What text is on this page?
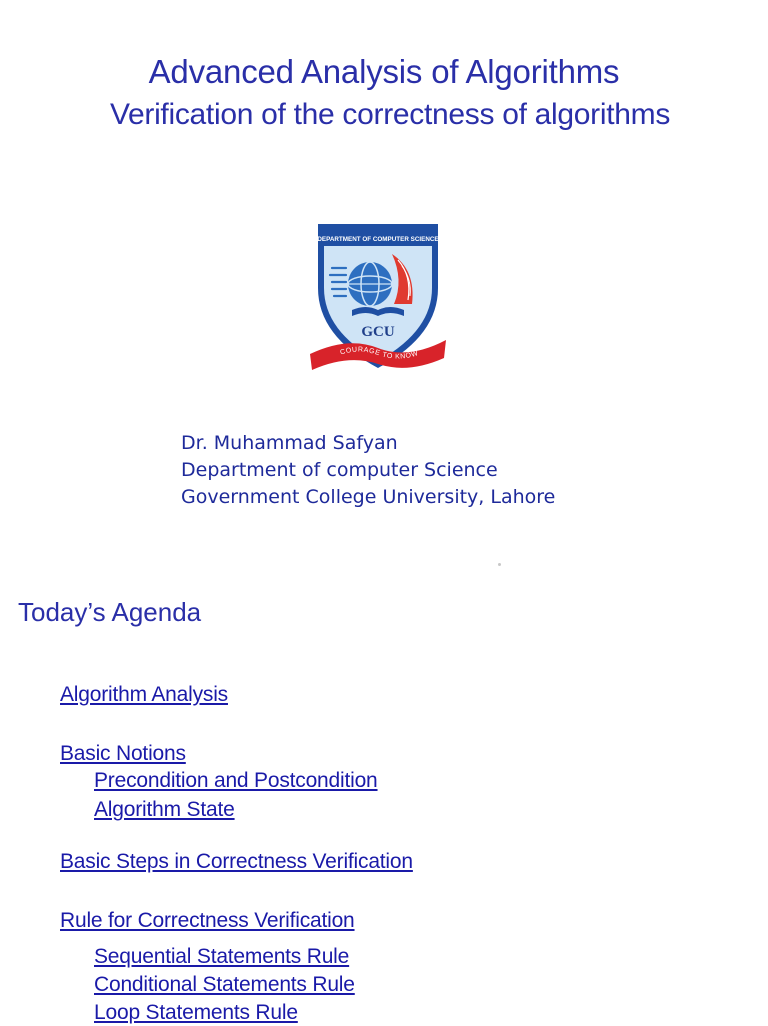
Advanced Analysis of Algorithms
Verification of the correctness of algorithms
DEPARTMENT OF COMPUTER SCIENCE
GCU
COURAGE TO KNOW
Dr. Muhammad Safyan
Department of computer Science
Government College University, Lahore
Today’s Agenda
Algorithm Analysis
Basic Notions
Precondition and Postcondition
Algorithm State
Basic Steps in Correctness Verification
Rule for Correctness Verification
Sequential Statements Rule
Conditional Statements Rule
Loop Statements Rule
